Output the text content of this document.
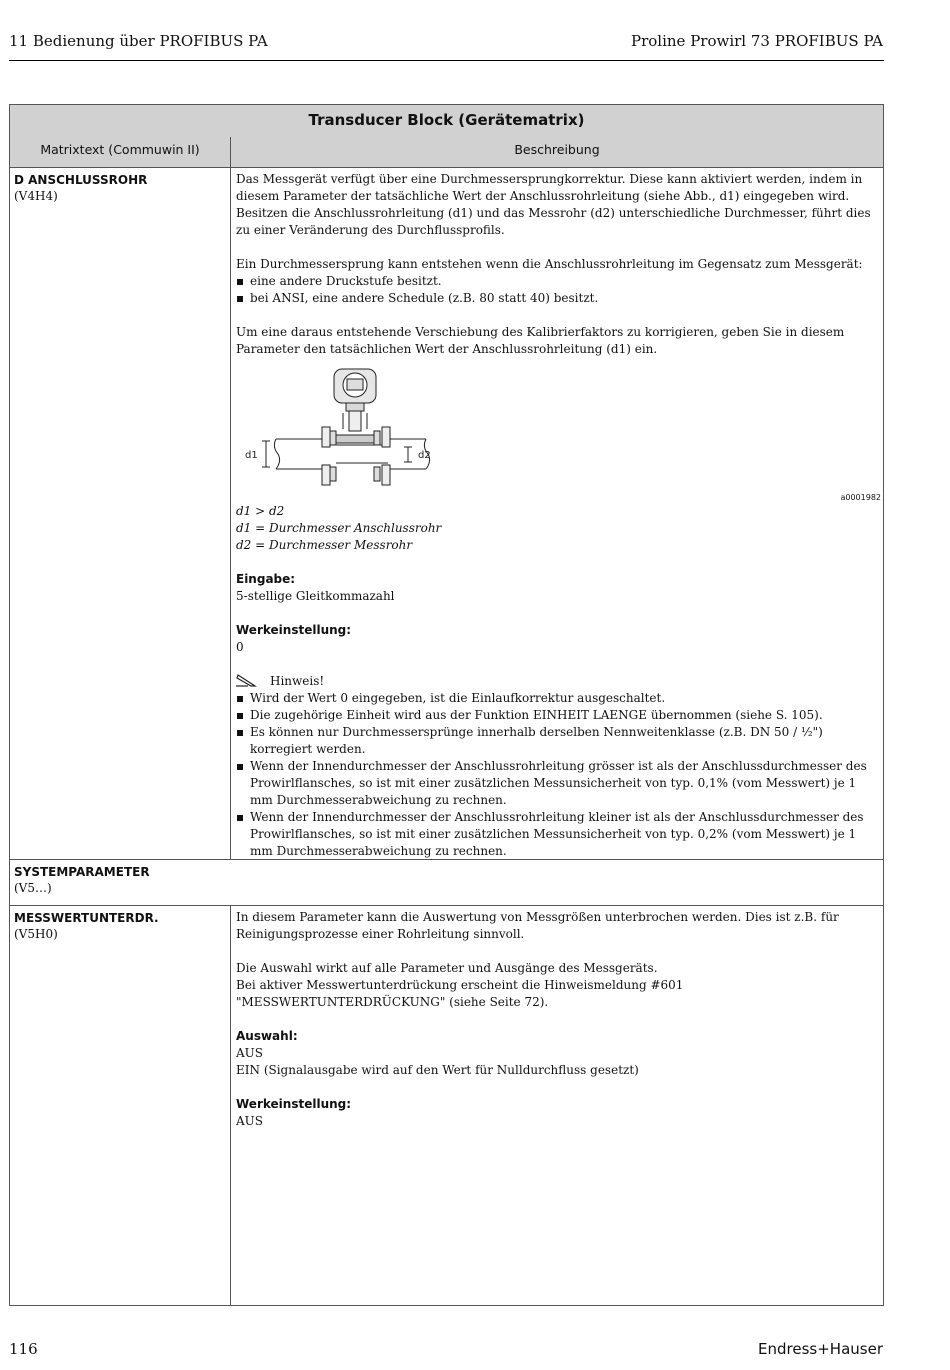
11 Bedienung über PROFIBUS PA	Proline Prowirl 73 PROFIBUS PA
Transducer Block (Gerätematrix)
Matrixtext (Commuwin II)	Beschreibung
D ANSCHLUSSROHR
(V4H4)

Das Messgerät verfügt über eine Durchmessersprungkorrektur. Diese kann aktiviert werden, indem in diesem Parameter der tatsächliche Wert der Anschlussrohrleitung (siehe Abb., d1) eingegeben wird.

Besitzen die Anschlussrohrleitung (d1) und das Messrohr (d2) unterschiedliche Durchmesser, führt dies zu einer Veränderung des Durchflussprofils.

Ein Durchmessersprung kann entstehen wenn die Anschlussrohrleitung im Gegensatz zum Messgerät:

eine andere Druckstufe besitzt.
bei ANSI, eine andere Schedule (z.B. 80 statt 40) besitzt.

Um eine daraus entstehende Verschiebung des Kalibrierfaktors zu korrigieren, geben Sie in diesem Parameter den tatsächlichen Wert der Anschlussrohrleitung (d1) ein.

d1	d2
a0001982

d1 > d2

d1 = Durchmesser Anschlussrohr

d2 = Durchmesser Messrohr

Eingabe:

5-stellige Gleitkommazahl

Werkeinstellung:

0

Hinweis!

Wird der Wert 0 eingegeben, ist die Einlaufkorrektur ausgeschaltet.
Die zugehörige Einheit wird aus der Funktion EINHEIT LAENGE übernommen (siehe S. 105).
Es können nur Durchmessersprünge innerhalb derselben Nennweitenklasse (z.B. DN 50 / ½") korregiert werden.
Wenn der Innendurchmesser der Anschlussrohrleitung grösser ist als der Anschlussdurchmesser des Prowirlflansches, so ist mit einer zusätzlichen Messunsicherheit von typ. 0,1% (vom Messwert) je 1 mm Durchmesserabweichung zu rechnen.
Wenn der Innendurchmesser der Anschlussrohrleitung kleiner ist als der Anschlussdurchmesser des Prowirlflansches, so ist mit einer zusätzlichen Messunsicherheit von typ. 0,2% (vom Messwert) je 1 mm Durchmesserabweichung zu rechnen.
SYSTEMPARAMETER
(V5…)
MESSWERTUNTERDR.
(V5H0)

In diesem Parameter kann die Auswertung von Messgrößen unterbrochen werden. Dies ist z.B. für Reinigungsprozesse einer Rohrleitung sinnvoll.

Die Auswahl wirkt auf alle Parameter und Ausgänge des Messgeräts.

Bei aktiver Messwertunterdrückung erscheint die Hinweismeldung #601 "MESSWERTUNTERDRÜCKUNG" (siehe Seite 72).

Auswahl:

AUS

EIN (Signalausgabe wird auf den Wert für Nulldurchfluss gesetzt)

Werkeinstellung:

AUS

116	Endress+Hauser
